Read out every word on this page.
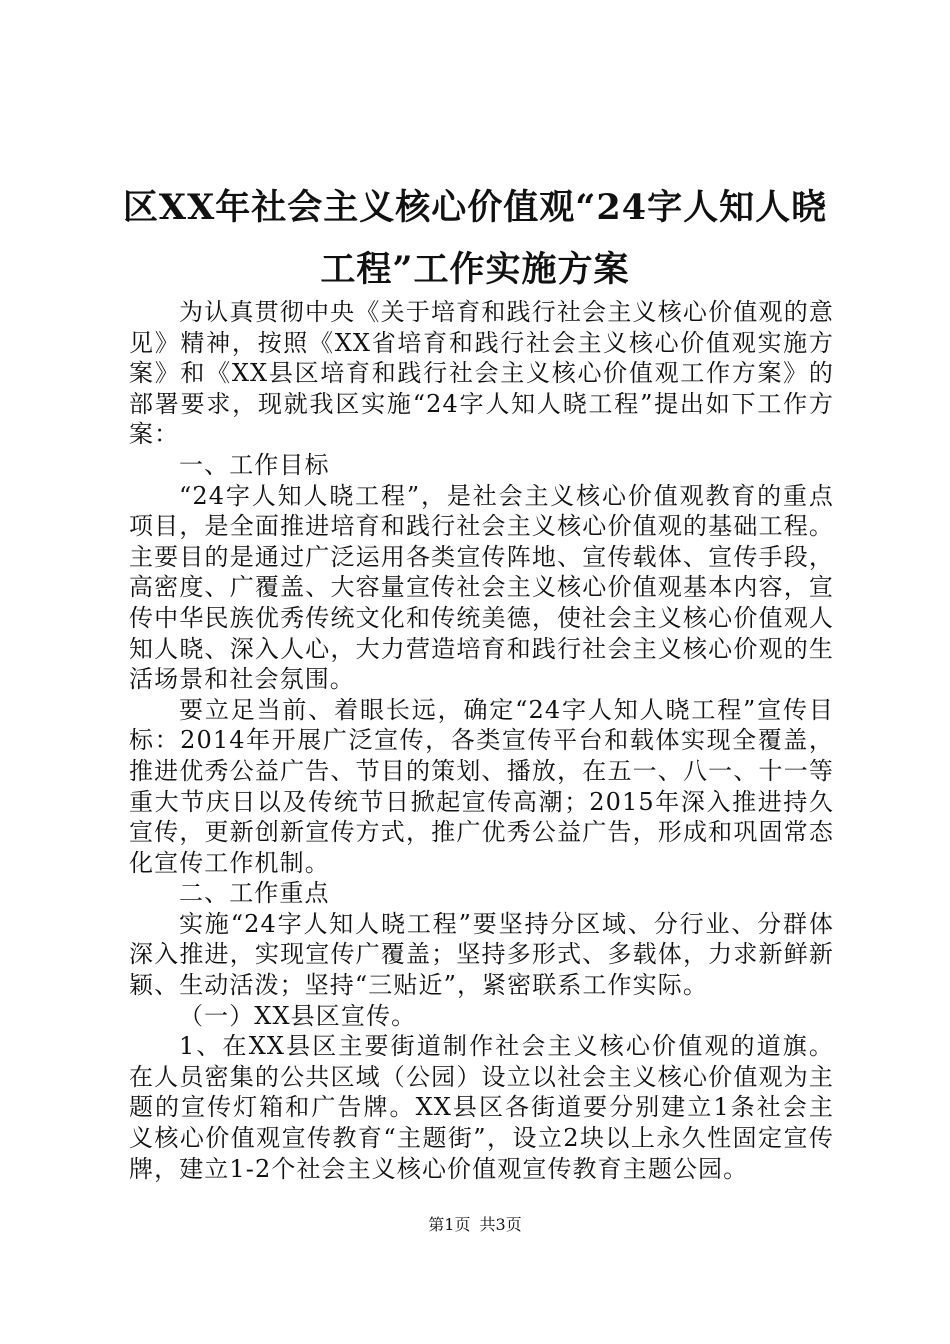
区XX年社会主义核心价值观“24字人知人晓
工程”工作实施方案

为认真贯彻中央《关于培育和践行社会主义核心价值观的意见》精神，按照《XX省培育和践行社会主义核心价值观实施方案》和《XX县区培育和践行社会主义核心价值观工作方案》的部署要求，现就我区实施“24字人知人晓工程”提出如下工作方案：

一、工作目标

“24字人知人晓工程”，是社会主义核心价值观教育的重点项目，是全面推进培育和践行社会主义核心价值观的基础工程。主要目的是通过广泛运用各类宣传阵地、宣传载体、宣传手段，高密度、广覆盖、大容量宣传社会主义核心价值观基本内容，宣传中华民族优秀传统文化和传统美德，使社会主义核心价值观人知人晓、深入人心，大力营造培育和践行社会主义核心价观的生活场景和社会氛围。

要立足当前、着眼长远，确定“24字人知人晓工程”宣传目标：2014年开展广泛宣传，各类宣传平台和载体实现全覆盖，推进优秀公益广告、节目的策划、播放，在五一、八一、十一等重大节庆日以及传统节日掀起宣传高潮；2015年深入推进持久宣传，更新创新宣传方式，推广优秀公益广告，形成和巩固常态化宣传工作机制。

二、工作重点

实施“24字人知人晓工程”要坚持分区域、分行业、分群体深入推进，实现宣传广覆盖；坚持多形式、多载体，力求新鲜新颖、生动活泼；坚持“三贴近”，紧密联系工作实际。

（一）XX县区宣传。

1、在XX县区主要街道制作社会主义核心价值观的道旗。在人员密集的公共区域（公园）设立以社会主义核心价值观为主题的宣传灯箱和广告牌。XX县区各街道要分别建立1条社会主义核心价值观宣传教育“主题街”，设立2块以上永久性固定宣传牌，建立1-2个社会主义核心价值观宣传教育主题公园。

第1页 共3页
